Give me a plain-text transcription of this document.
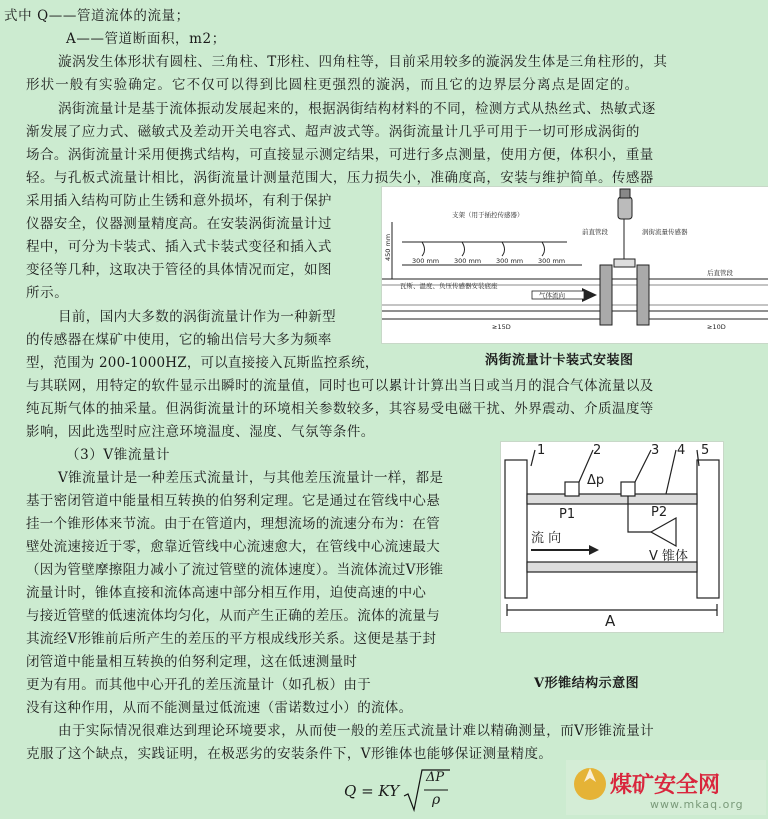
式中 Q——管道流体的流量；
A——管道断面积，m2；
漩涡发生体形状有圆柱、三角柱、T形柱、四角柱等，目前采用较多的漩涡发生体是三角柱形的，其
形状一般有实验确定。它不仅可以得到比圆柱更强烈的漩涡，而且它的边界层分离点是固定的。
涡街流量计是基于流体振动发展起来的，根据涡街结构材料的不同，检测方式从热丝式、热敏式逐
渐发展了应力式、磁敏式及差动开关电容式、超声波式等。涡街流量计几乎可用于一切可形成涡街的
场合。涡街流量计采用便携式结构，可直接显示测定结果，可进行多点测量，使用方便，体积小，重量
轻。与孔板式流量计相比，涡街流量计测量范围大，压力损失小，准确度高，安装与维护简单。传感器
采用插入结构可防止生锈和意外损坏，有利于保护
仪器安全，仪器测量精度高。在安装涡街流量计过
程中，可分为卡装式、插入式卡装式变径和插入式
变径等几种，这取决于管径的具体情况而定，如图
所示。
目前，国内大多数的涡街流量计作为一种新型
的传感器在煤矿中使用，它的输出信号大多为频率
型，范围为 200-1000HZ，可以直接接入瓦斯监控系统，
与其联网，用特定的软件显示出瞬时的流量值，同时也可以累计计算出当日或当月的混合气体流量以及
纯瓦斯气体的抽采量。但涡街流量计的环境相关参数较多，其容易受电磁干扰、外界震动、介质温度等
影响，因此选型时应注意环境温度、湿度、气氛等条件。
（3）V锥流量计
V锥流量计是一种差压式流量计，与其他差压流量计一样，都是
基于密闭管道中能量相互转换的伯努利定理。它是通过在管线中心悬
挂一个锥形体来节流。由于在管道内，理想流场的流速分布为：在管
壁处流速接近于零，愈靠近管线中心流速愈大，在管线中心流速最大
（因为管壁摩擦阻力减小了流过管壁的流体速度）。当流体流过V形锥
流量计时，锥体直接和流体高速中部分相互作用，迫使高速的中心
与接近管壁的低速流体均匀化，从而产生正确的差压。流体的流量与
其流经V形锥前后所产生的差压的平方根成线形关系。这便是基于封
闭管道中能量相互转换的伯努利定理，这在低速测量时
更为有用。而其他中心开孔的差压流量计（如孔板）由于
没有这种作用，从而不能测量过低流速（雷诺数过小）的流体。
由于实际情况很难达到理论环境要求，从而使一般的差压式流量计难以精确测量，而V形锥流量计
克服了这个缺点，实践证明，在极恶劣的安装条件下，V形锥体也能够保证测量精度。
支架（用于插控传感器）
涡街流量传感器
前直管段
后直管段
450 mm	300 mm 300 mm 300 mm 300 mm
瓦斯、温度、负压传感器安装底座
气体流向
≥15D	≥10D
涡街流量计卡装式安装图
1	2	3 4 5
Δp
P1	P2
流 向
V 锥体
A
V形锥结构示意图
Q = KY
ΔP
ρ
煤矿安全网
www.mkaq.org
